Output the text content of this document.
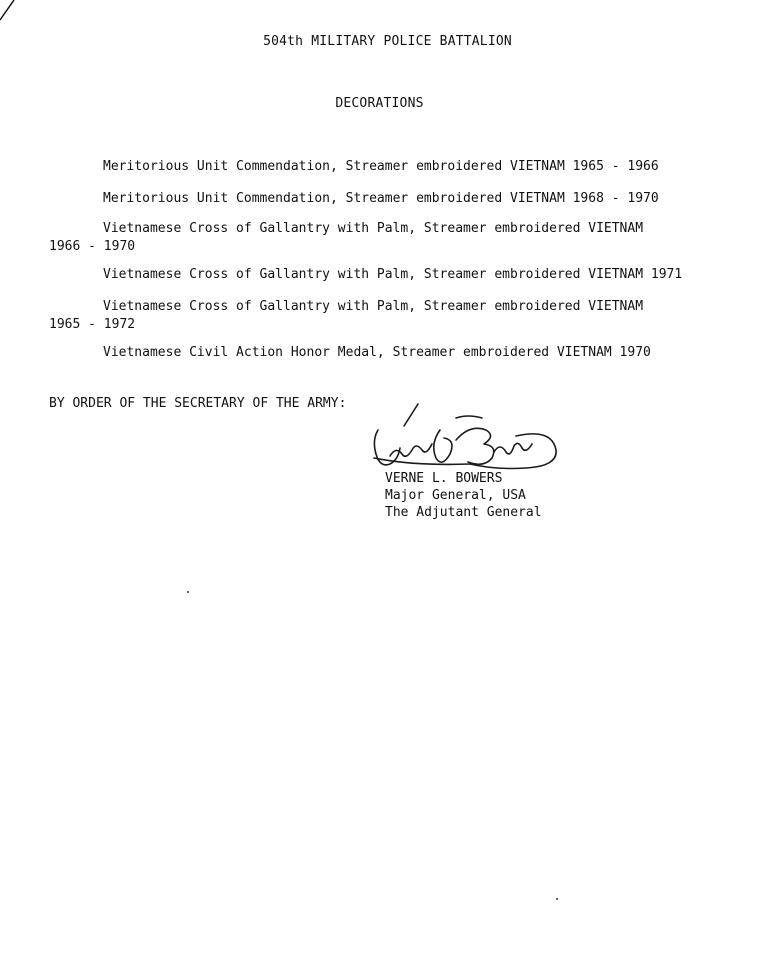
504th MILITARY POLICE BATTALION
DECORATIONS
Meritorious Unit Commendation, Streamer embroidered VIETNAM 1965 - 1966
Meritorious Unit Commendation, Streamer embroidered VIETNAM 1968 - 1970
Vietnamese Cross of Gallantry with Palm, Streamer embroidered VIETNAM
1966 - 1970
Vietnamese Cross of Gallantry with Palm, Streamer embroidered VIETNAM 1971
Vietnamese Cross of Gallantry with Palm, Streamer embroidered VIETNAM
1965 - 1972
Vietnamese Civil Action Honor Medal, Streamer embroidered VIETNAM 1970
BY ORDER OF THE SECRETARY OF THE ARMY:
VERNE L. BOWERS
Major General, USA
The Adjutant General
